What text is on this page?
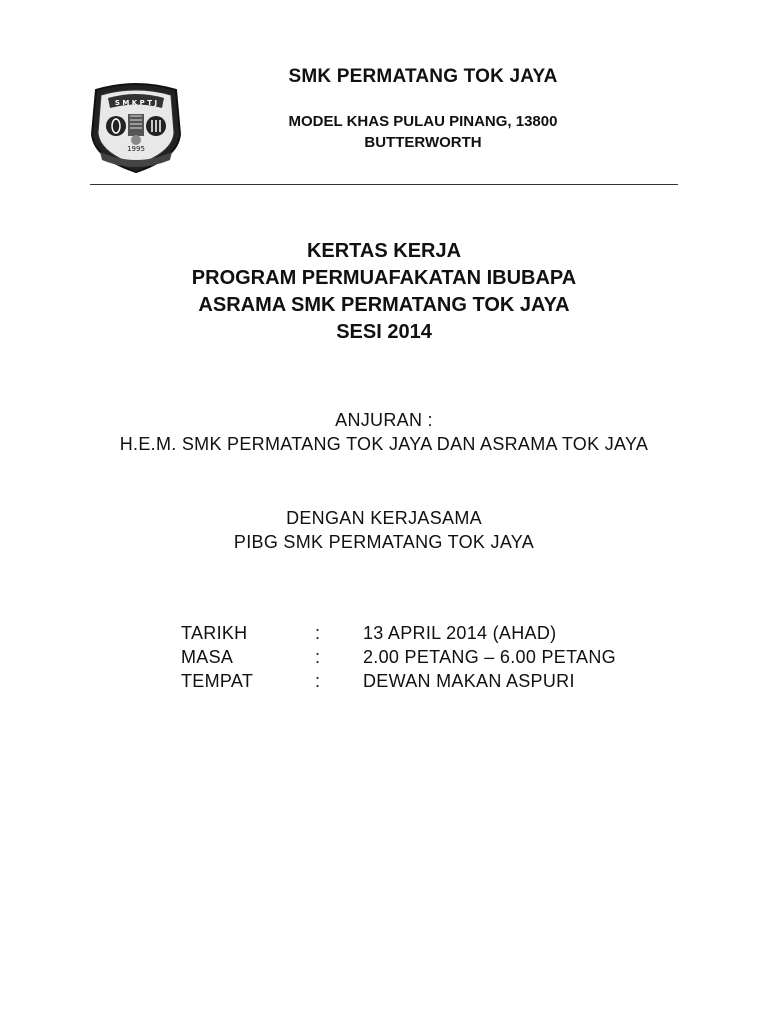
S M K P T J
1995
SMK PERMATANG TOK JAYA
MODEL KHAS PULAU PINANG, 13800
BUTTERWORTH
KERTAS KERJA
PROGRAM PERMUAFAKATAN IBUBAPA
ASRAMA SMK PERMATANG TOK JAYA
SESI 2014
ANJURAN :
H.E.M. SMK PERMATANG TOK JAYA DAN ASRAMA TOK JAYA
DENGAN KERJASAMA
PIBG SMK PERMATANG TOK JAYA
TARIKH	:	13 APRIL 2014 (AHAD)
MASA	:	2.00 PETANG – 6.00 PETANG
TEMPAT	:	DEWAN MAKAN ASPURI
